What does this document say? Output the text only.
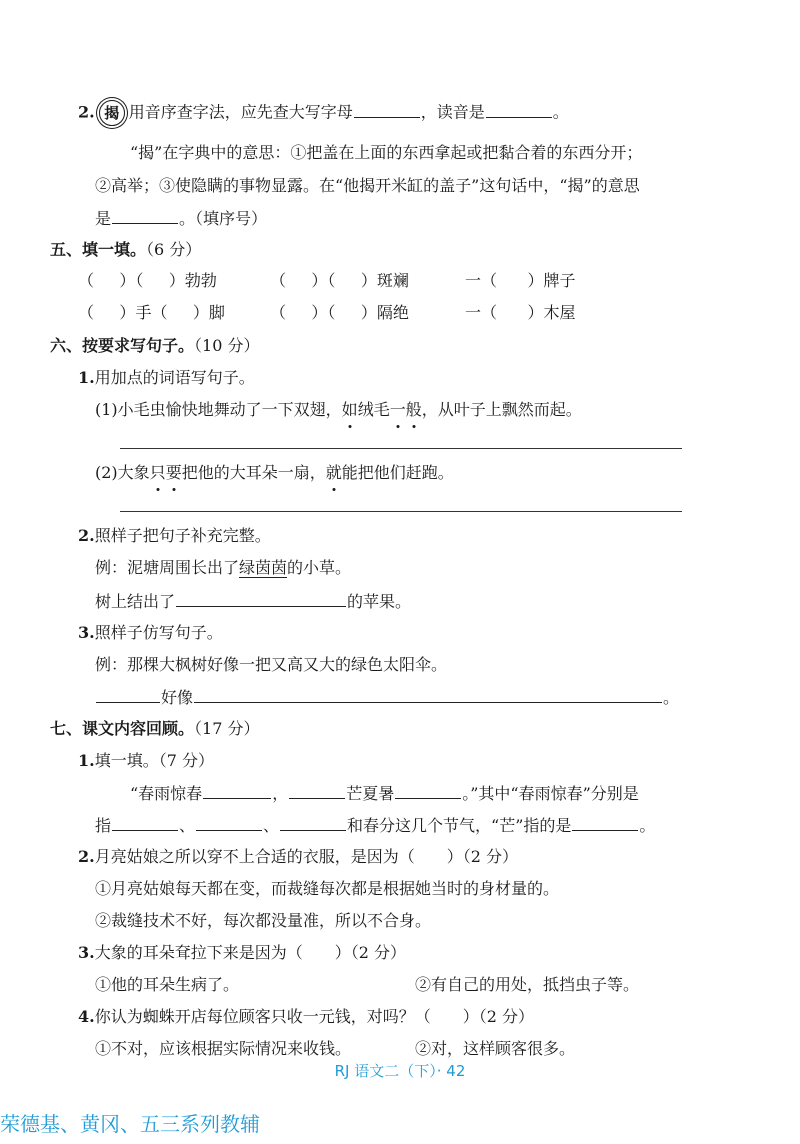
2. 揭 用音序查字法，应先查大写字母	，读音是	。
“揭”在字典中的意思：①把盖在上面的东西拿起或把黏合着的东西分开；
②高举；③使隐瞒的事物显露。在“他揭开米缸的盖子”这句话中，“揭”的意思
是	。（填序号）
五、填一填。（6 分）
（     ）（     ）勃勃	（     ）（     ）斑斓	一（      ）牌子
（     ）手（     ）脚	（     ）（     ）隔绝	一（      ）木屋
六、按要求写句子。（10 分）
1.用加点的词语写句子。
(1)小毛虫愉快地舞动了一下双翅，如绒毛一般，从叶子上飘然而起。
(2)大象只要把他的大耳朵一扇，就能把他们赶跑。
2.照样子把句子补充完整。
例：泥塘周围长出了绿茵茵的小草。
树上结出了	的苹果。
3.照样子仿写句子。
例：那棵大枫树好像一把又高又大的绿色太阳伞。
好像	。
七、课文内容回顾。（17 分）
1.填一填。（7 分）
“春雨惊春	，	芒夏暑	。”其中“春雨惊春”分别是
指	、	、	和春分这几个节气，“芒”指的是	。
2.月亮姑娘之所以穿不上合适的衣服，是因为（　　）（2 分）
①月亮姑娘每天都在变，而裁缝每次都是根据她当时的身材量的。
②裁缝技术不好，每次都没量准，所以不合身。
3.大象的耳朵耷拉下来是因为（　　）（2 分）
①他的耳朵生病了。	②有自己的用处，抵挡虫子等。
4.你认为蜘蛛开店每位顾客只收一元钱，对吗？（　　）（2 分）
①不对，应该根据实际情况来收钱。	②对，这样顾客很多。
RJ 语文二（下）· 42
荣德基、黄冈、五三系列教辅
